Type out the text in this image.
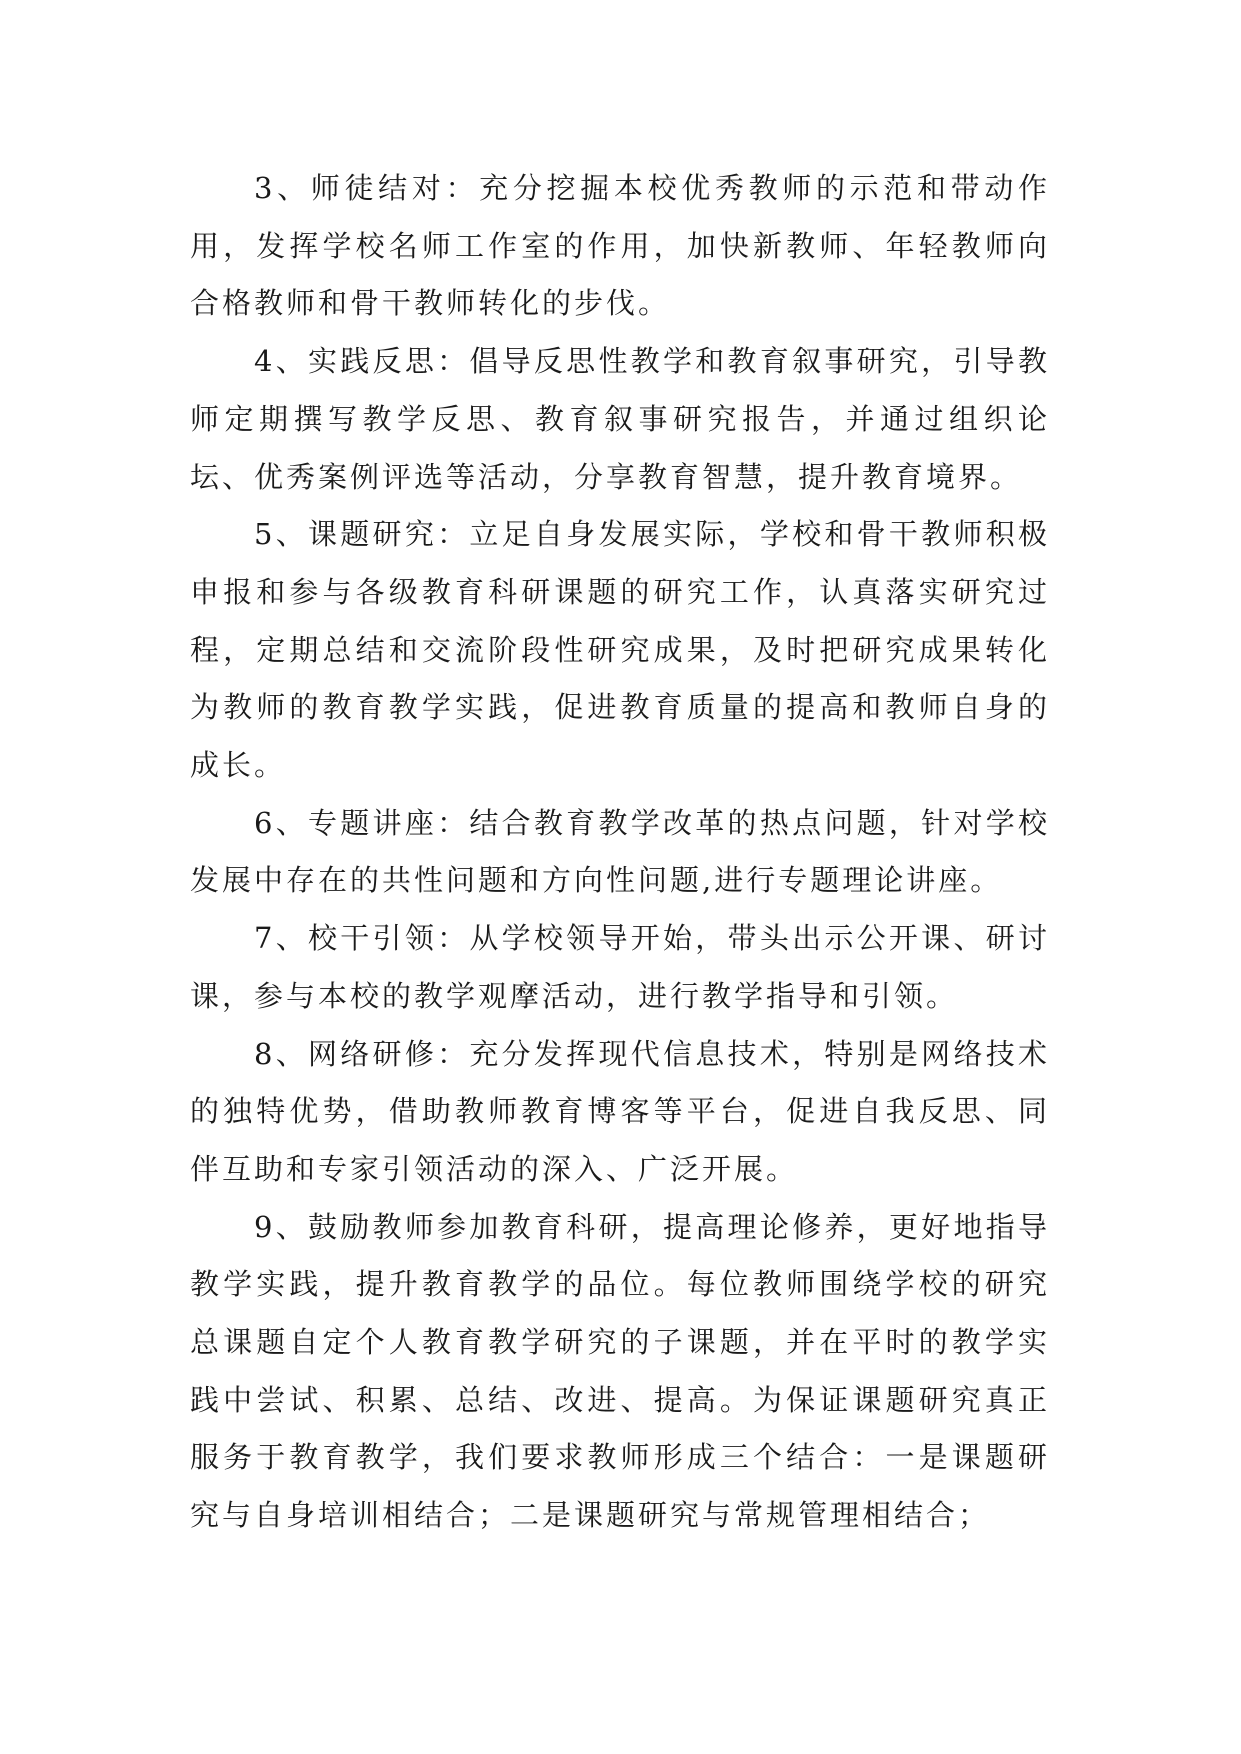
3、师徒结对：充分挖掘本校优秀教师的示范和带动作用，发挥学校名师工作室的作用，加快新教师、年轻教师向合格教师和骨干教师转化的步伐。

4、实践反思：倡导反思性教学和教育叙事研究，引导教师定期撰写教学反思、教育叙事研究报告，并通过组织论坛、优秀案例评选等活动，分享教育智慧，提升教育境界。

5、课题研究：立足自身发展实际，学校和骨干教师积极申报和参与各级教育科研课题的研究工作，认真落实研究过程，定期总结和交流阶段性研究成果，及时把研究成果转化为教师的教育教学实践，促进教育质量的提高和教师自身的成长。

6、专题讲座：结合教育教学改革的热点问题，针对学校发展中存在的共性问题和方向性问题,进行专题理论讲座。

7、校干引领：从学校领导开始，带头出示公开课、研讨课，参与本校的教学观摩活动，进行教学指导和引领。

8、网络研修：充分发挥现代信息技术，特别是网络技术的独特优势，借助教师教育博客等平台，促进自我反思、同伴互助和专家引领活动的深入、广泛开展。

9、鼓励教师参加教育科研，提高理论修养，更好地指导教学实践，提升教育教学的品位。每位教师围绕学校的研究总课题自定个人教育教学研究的子课题，并在平时的教学实践中尝试、积累、总结、改进、提高。为保证课题研究真正服务于教育教学，我们要求教师形成三个结合：一是课题研究与自身培训相结合；二是课题研究与常规管理相结合；
